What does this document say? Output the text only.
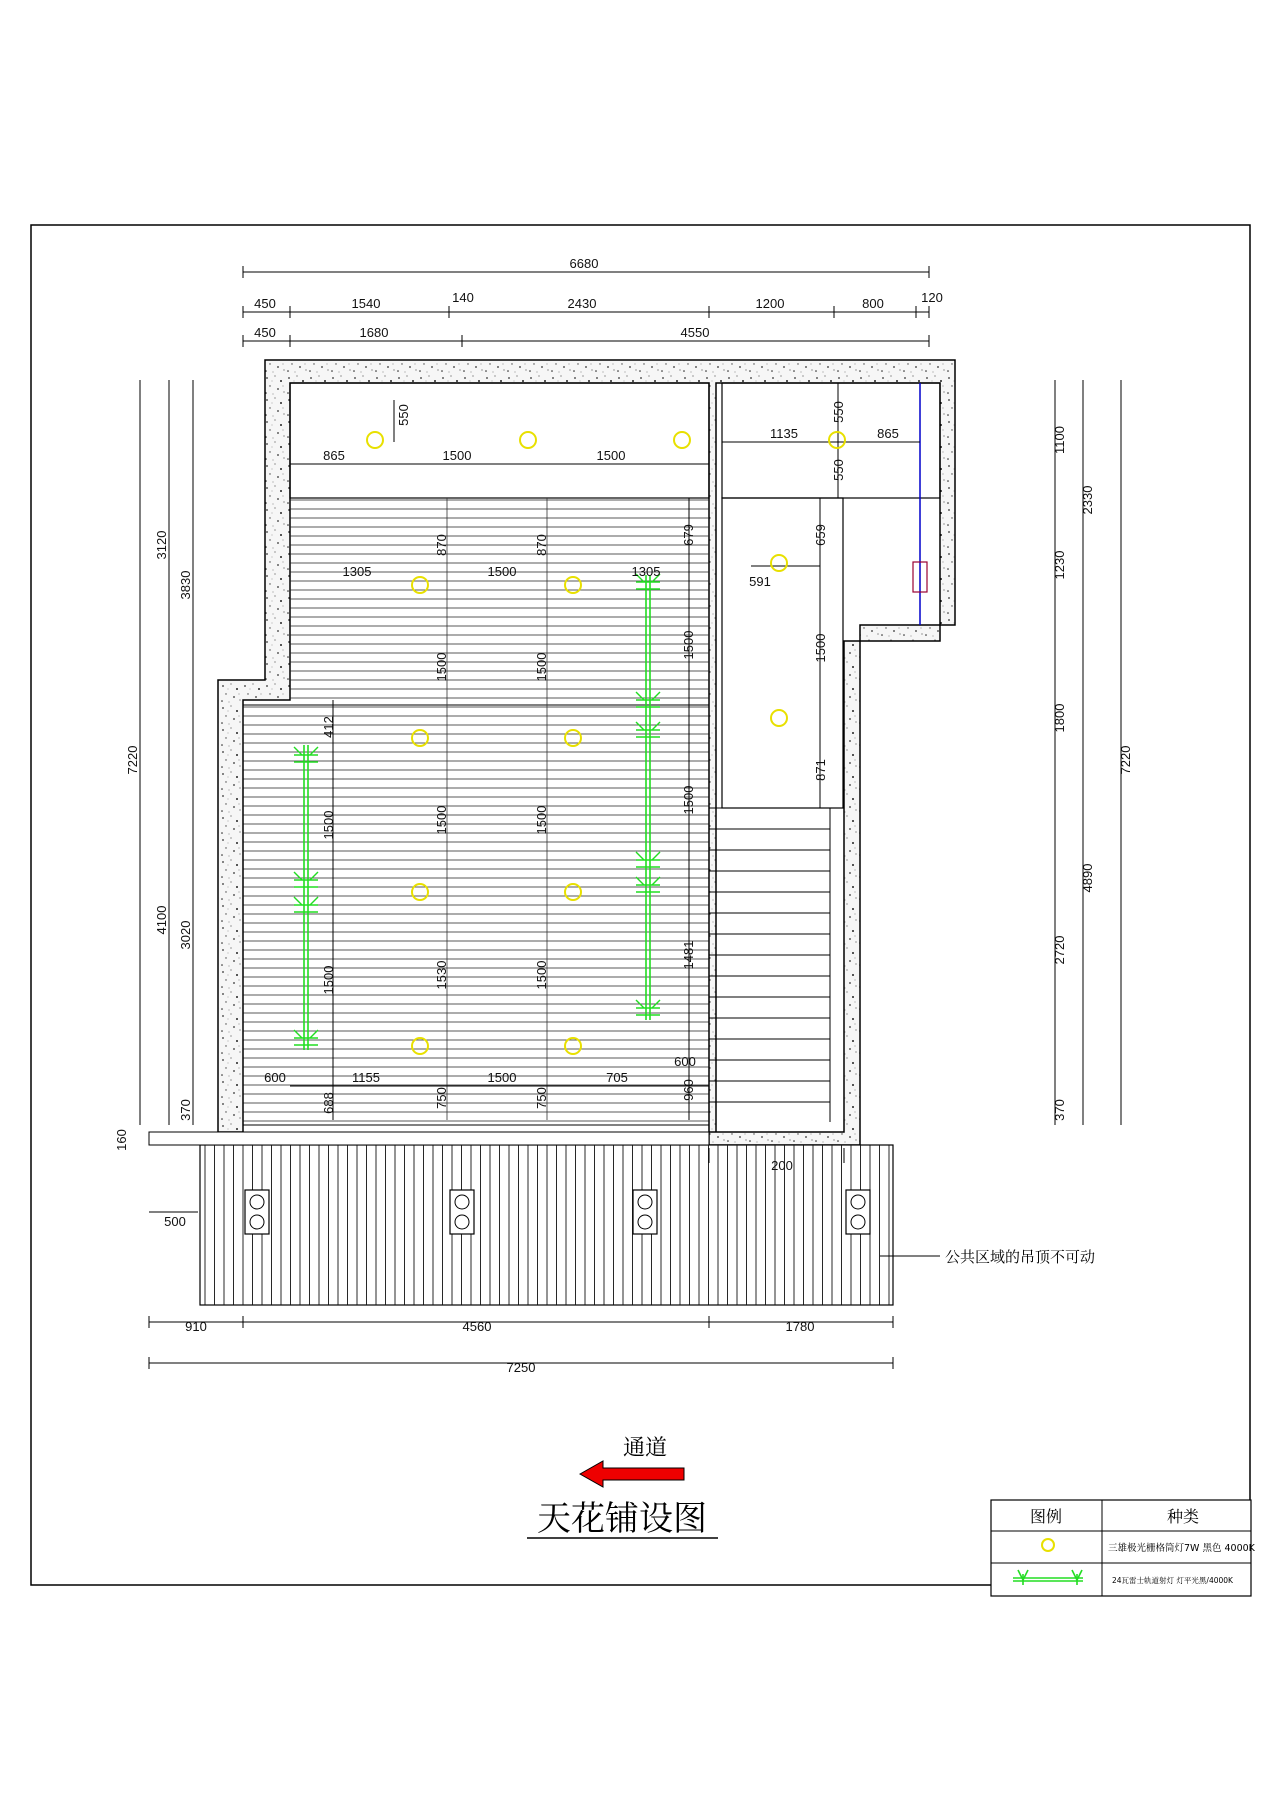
6680
450	1540	140	2430	1200	800	120
450	1680	4550
910	4560	1780
7250
7220
3120
4100
3830
3020
370
160
500
1100
1230
1800
2720
370
2330
4890
7220
550
865	1500	1500
1135	865
550
550
1305	1500	1305
870	870	679
1500
1500
1530
1500
1500
1500
412
1500
1500
1500
1500
1481
600	1155	1500	705
600
688	750	750	960
659
591
1500
871
200
公共区域的吊顶不可动
通道
天花铺设图	图例	种类
三雄极光栅格筒灯7W 黑色 4000K
24瓦雷士轨道射灯 灯平光黑/4000K
